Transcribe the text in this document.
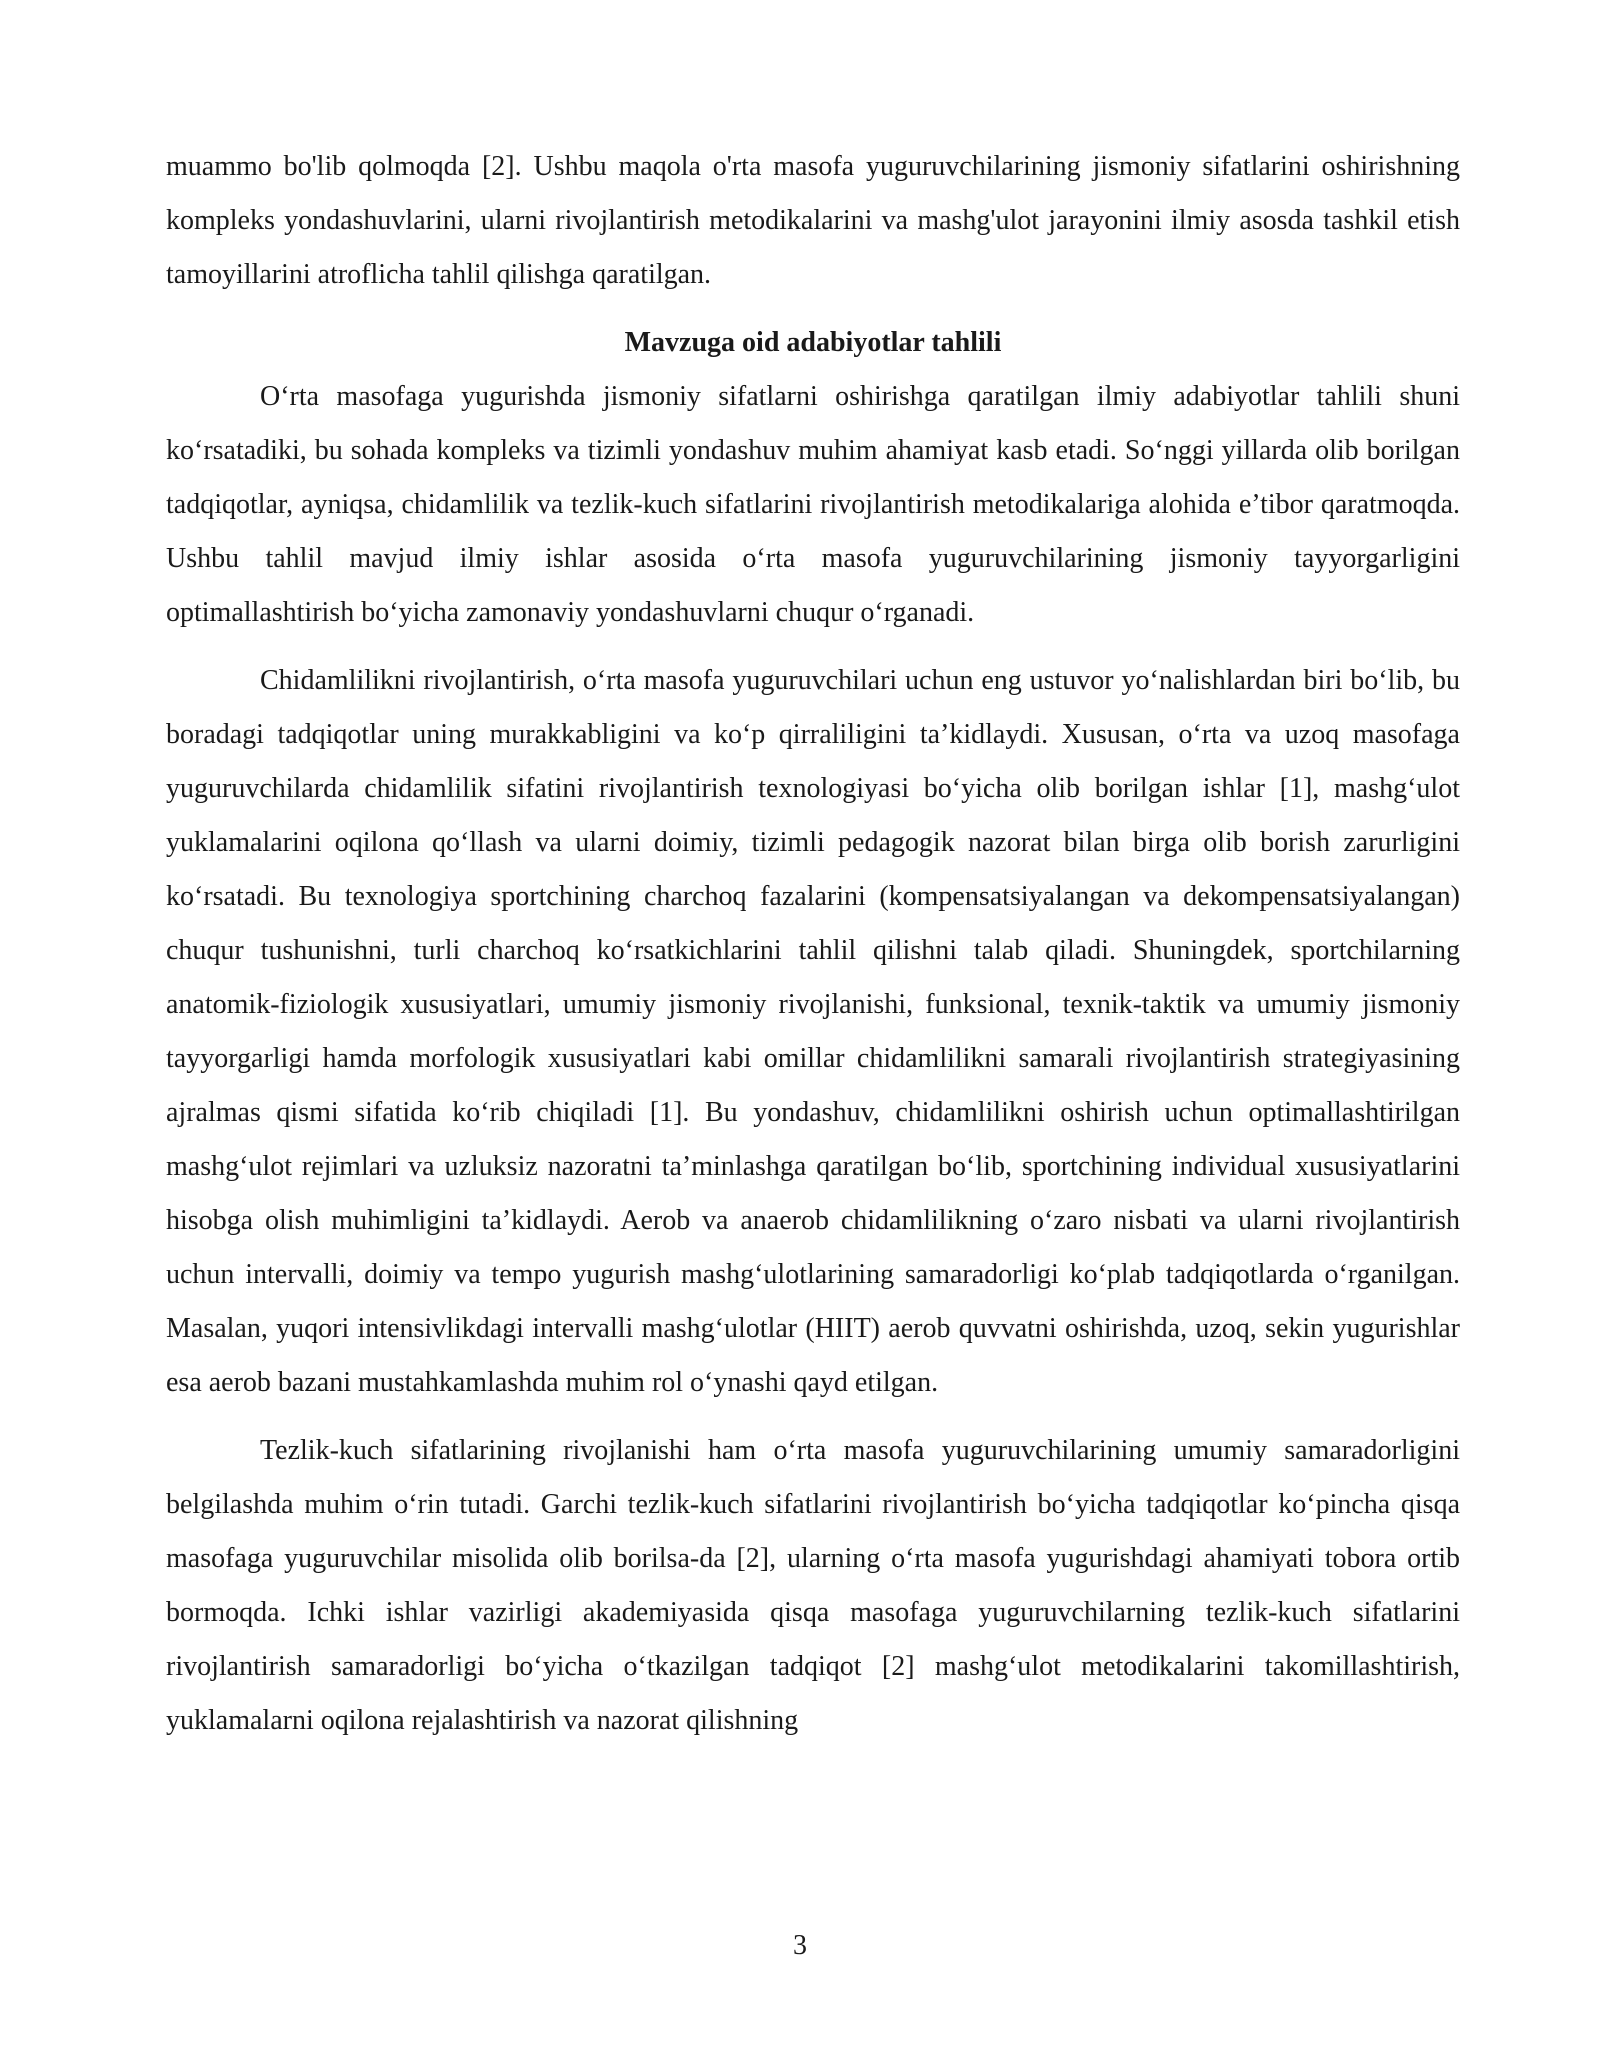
muammo bo'lib qolmoqda [2]. Ushbu maqola o'rta masofa yuguruvchilarining jismoniy sifatlarini oshirishning kompleks yondashuvlarini, ularni rivojlantirish metodikalarini va mashg'ulot jarayonini ilmiy asosda tashkil etish tamoyillarini atroflicha tahlil qilishga qaratilgan.

Mavzuga oid adabiyotlar tahlili

O‘rta masofaga yugurishda jismoniy sifatlarni oshirishga qaratilgan ilmiy adabiyotlar tahlili shuni ko‘rsatadiki, bu sohada kompleks va tizimli yondashuv muhim ahamiyat kasb etadi. So‘nggi yillarda olib borilgan tadqiqotlar, ayniqsa, chidamlilik va tezlik-kuch sifatlarini rivojlantirish metodikalariga alohida e’tibor qaratmoqda. Ushbu tahlil mavjud ilmiy ishlar asosida o‘rta masofa yuguruvchilarining jismoniy tayyorgarligini optimallashtirish bo‘yicha zamonaviy yondashuvlarni chuqur o‘rganadi.

Chidamlilikni rivojlantirish, o‘rta masofa yuguruvchilari uchun eng ustuvor yo‘nalishlardan biri bo‘lib, bu boradagi tadqiqotlar uning murakkabligini va ko‘p qirraliligini ta’kidlaydi. Xususan, o‘rta va uzoq masofaga yuguruvchilarda chidamlilik sifatini rivojlantirish texnologiyasi bo‘yicha olib borilgan ishlar [1], mashg‘ulot yuklamalarini oqilona qo‘llash va ularni doimiy, tizimli pedagogik nazorat bilan birga olib borish zarurligini ko‘rsatadi. Bu texnologiya sportchining charchoq fazalarini (kompensatsiyalangan va dekompensatsiyalangan) chuqur tushunishni, turli charchoq ko‘rsatkichlarini tahlil qilishni talab qiladi. Shuningdek, sportchilarning anatomik-fiziologik xususiyatlari, umumiy jismoniy rivojlanishi, funksional, texnik-taktik va umumiy jismoniy tayyorgarligi hamda morfologik xususiyatlari kabi omillar chidamlilikni samarali rivojlantirish strategiyasining ajralmas qismi sifatida ko‘rib chiqiladi [1]. Bu yondashuv, chidamlilikni oshirish uchun optimallashtirilgan mashg‘ulot rejimlari va uzluksiz nazoratni ta’minlashga qaratilgan bo‘lib, sportchining individual xususiyatlarini hisobga olish muhimligini ta’kidlaydi. Aerob va anaerob chidamlilikning o‘zaro nisbati va ularni rivojlantirish uchun intervalli, doimiy va tempo yugurish mashg‘ulotlarining samaradorligi ko‘plab tadqiqotlarda o‘rganilgan. Masalan, yuqori intensivlikdagi intervalli mashg‘ulotlar (HIIT) aerob quvvatni oshirishda, uzoq, sekin yugurishlar esa aerob bazani mustahkamlashda muhim rol o‘ynashi qayd etilgan.

Tezlik-kuch sifatlarining rivojlanishi ham o‘rta masofa yuguruvchilarining umumiy samaradorligini belgilashda muhim o‘rin tutadi. Garchi tezlik-kuch sifatlarini rivojlantirish bo‘yicha tadqiqotlar ko‘pincha qisqa masofaga yuguruvchilar misolida olib borilsa-da [2], ularning o‘rta masofa yugurishdagi ahamiyati tobora ortib bormoqda. Ichki ishlar vazirligi akademiyasida qisqa masofaga yuguruvchilarning tezlik-kuch sifatlarini rivojlantirish samaradorligi bo‘yicha o‘tkazilgan tadqiqot [2] mashg‘ulot metodikalarini takomillashtirish, yuklamalarni oqilona rejalashtirish va nazorat qilishning

3
